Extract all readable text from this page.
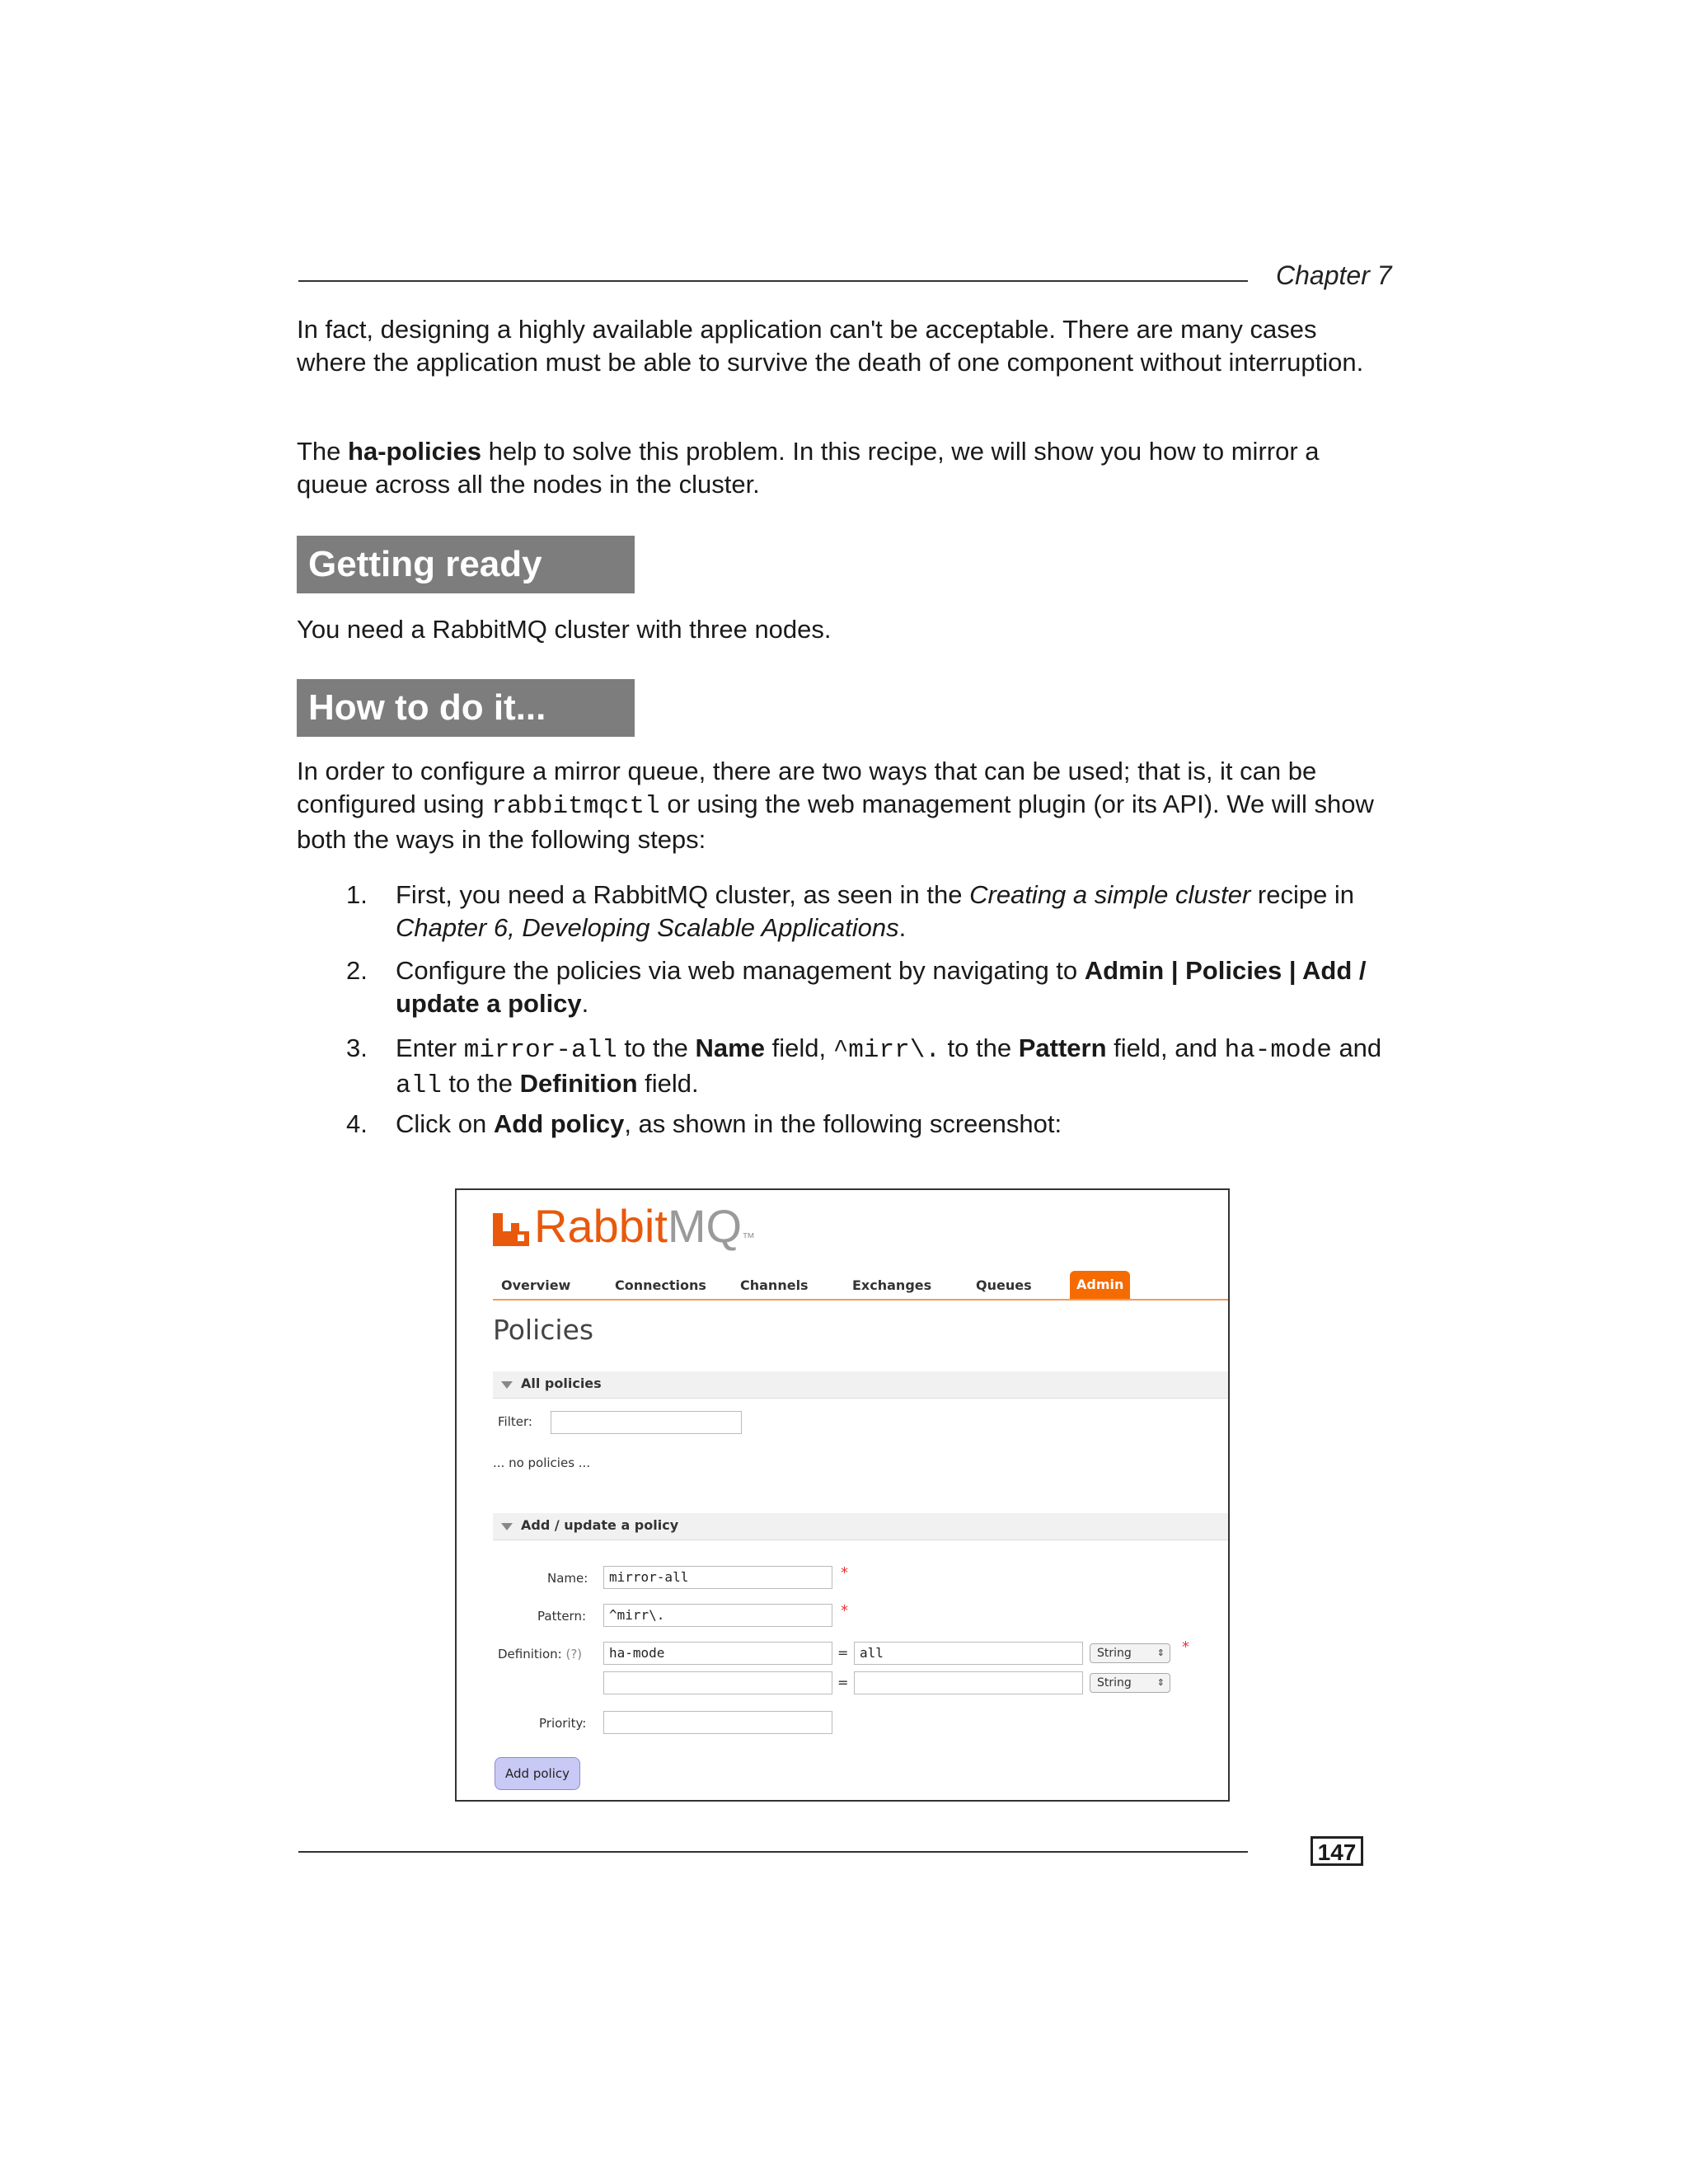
Chapter 7
In fact, designing a highly available application can't be acceptable. There are many cases where the application must be able to survive the death of one component without interruption.
The ha-policies help to solve this problem. In this recipe, we will show you how to mirror a queue across all the nodes in the cluster.
Getting ready
You need a RabbitMQ cluster with three nodes.
How to do it...
In order to configure a mirror queue, there are two ways that can be used; that is, it can be configured using rabbitmqctl or using the web management plugin (or its API). We will show both the ways in the following steps:
1. First, you need a RabbitMQ cluster, as seen in the Creating a simple cluster recipe in Chapter 6, Developing Scalable Applications.
2. Configure the policies via web management by navigating to Admin | Policies | Add / update a policy.
3. Enter mirror-all to the Name field, ^mirr\. to the Pattern field, and ha-mode and all to the Definition field.
4. Click on Add policy, as shown in the following screenshot:
RabbitMQ™
Overview	Connections	Channels	Exchanges	Queues	Admin
Policies
All policies
Filter:
... no policies ...
Add / update a policy
Name:	mirror-all	*
Pattern:	^mirr\.	*
Definition: (?)	ha-mode	= all	String	⇕ *
=	String	⇕
Priority:
Add policy
147
